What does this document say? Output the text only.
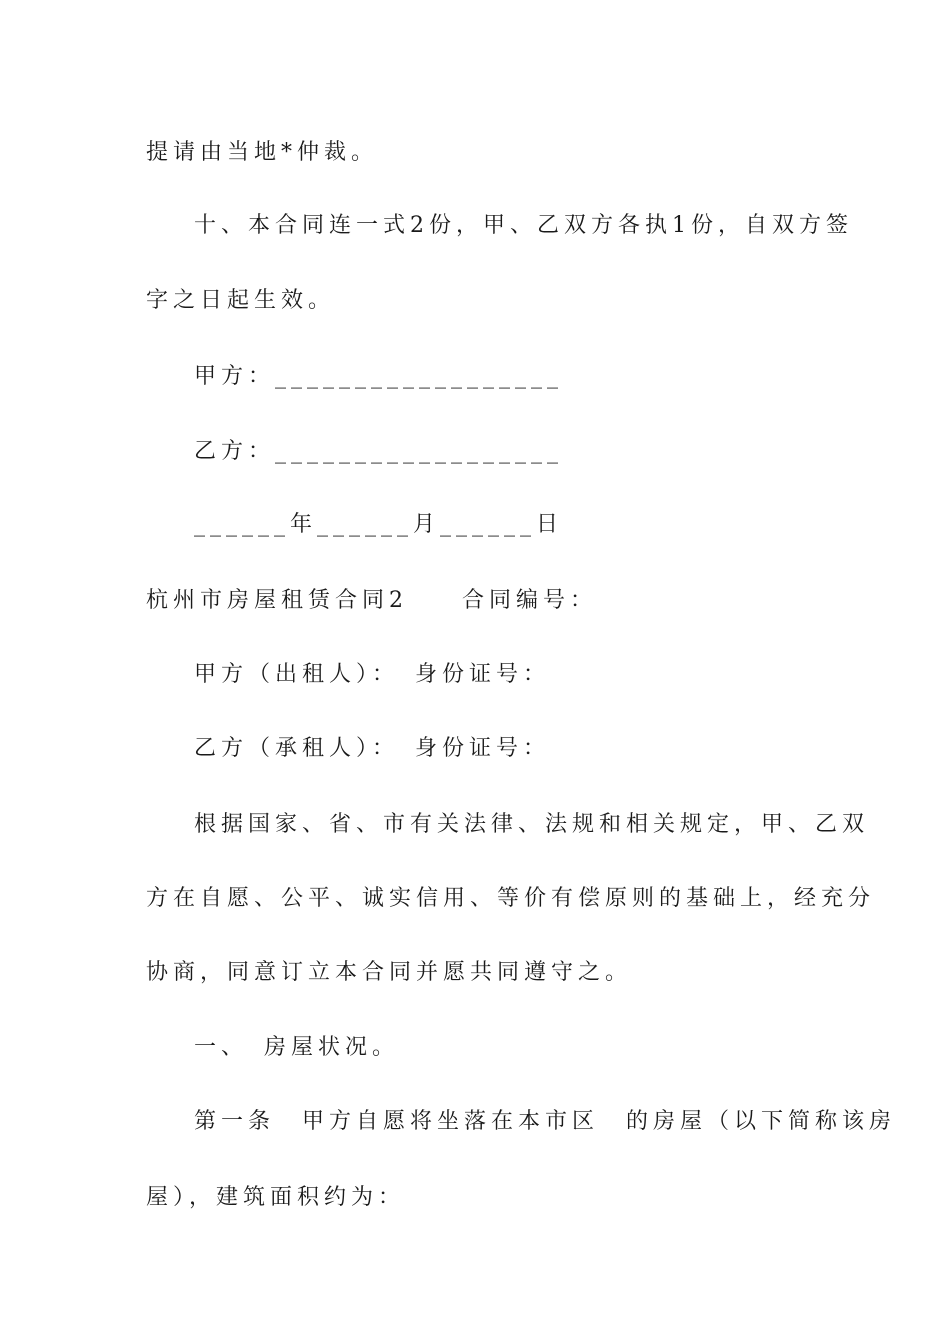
提请由当地*仲裁。
十、本合同连一式2份，甲、乙双方各执1份，自双方签
字之日起生效。
甲方：__________________
乙方：__________________
______年______月______日
杭州市房屋租赁合同2　　合同编号：
甲方（出租人）：　身份证号：
乙方（承租人）：　身份证号：
根据国家、省、市有关法律、法规和相关规定，甲、乙双
方在自愿、公平、诚实信用、等价有偿原则的基础上，经充分
协商，同意订立本合同并愿共同遵守之。
一、　房屋状况。
第一条　甲方自愿将坐落在本市区　的房屋（以下简称该房
屋），建筑面积约为：
